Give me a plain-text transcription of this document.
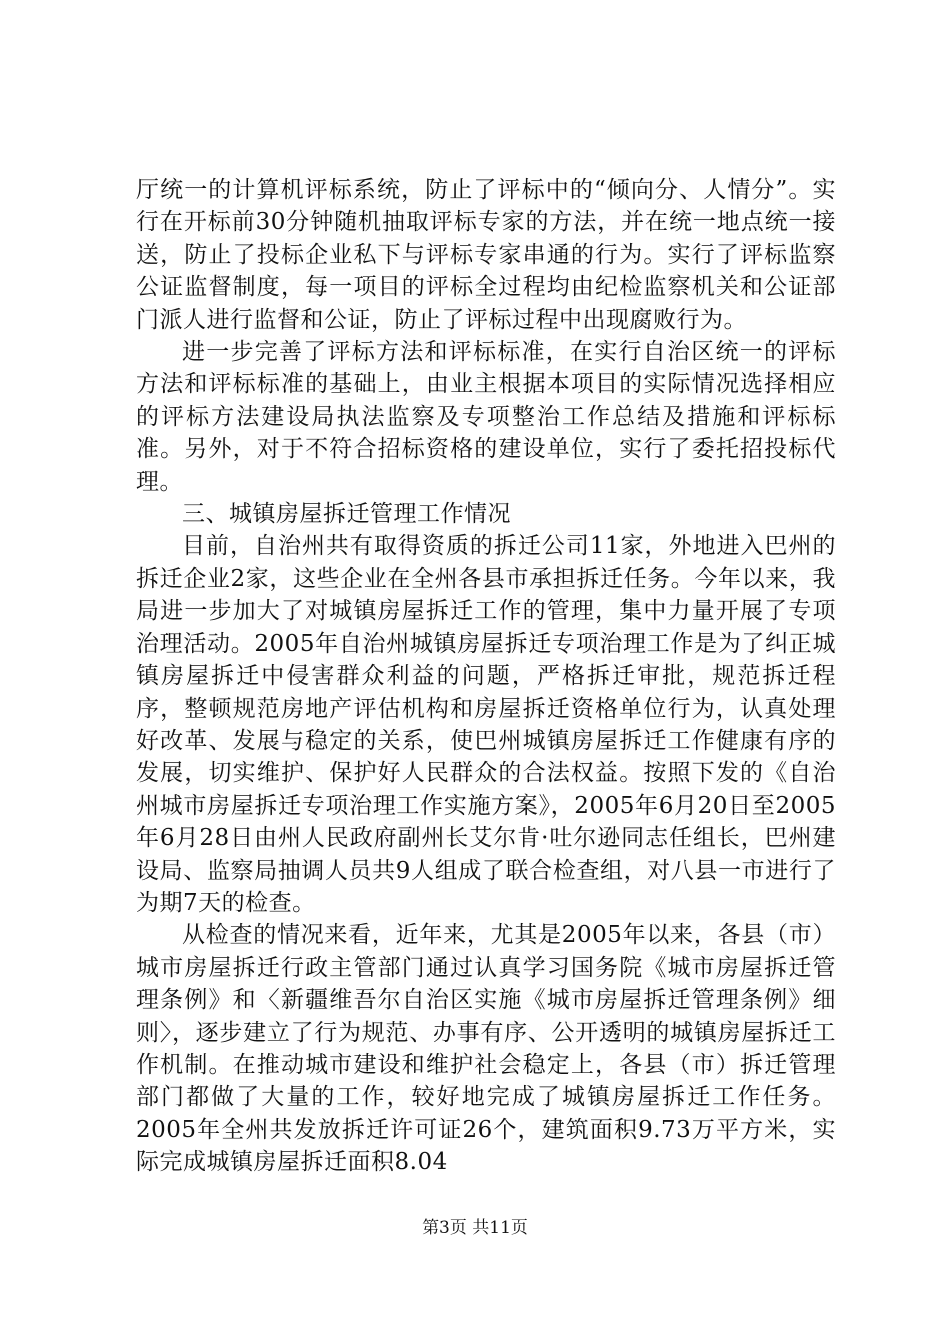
厅统一的计算机评标系统，防止了评标中的“倾向分、人情分”。实行在开标前30分钟随机抽取评标专家的方法，并在统一地点统一接送，防止了投标企业私下与评标专家串通的行为。实行了评标监察公证监督制度，每一项目的评标全过程均由纪检监察机关和公证部门派人进行监督和公证，防止了评标过程中出现腐败行为。

进一步完善了评标方法和评标标准，在实行自治区统一的评标方法和评标标准的基础上，由业主根据本项目的实际情况选择相应的评标方法建设局执法监察及专项整治工作总结及措施和评标标准。另外，对于不符合招标资格的建设单位，实行了委托招投标代理。

三、城镇房屋拆迁管理工作情况

目前，自治州共有取得资质的拆迁公司11家，外地进入巴州的拆迁企业2家，这些企业在全州各县市承担拆迁任务。今年以来，我局进一步加大了对城镇房屋拆迁工作的管理，集中力量开展了专项治理活动。2005年自治州城镇房屋拆迁专项治理工作是为了纠正城镇房屋拆迁中侵害群众利益的问题，严格拆迁审批，规范拆迁程序，整顿规范房地产评估机构和房屋拆迁资格单位行为，认真处理好改革、发展与稳定的关系，使巴州城镇房屋拆迁工作健康有序的发展，切实维护、保护好人民群众的合法权益。按照下发的《自治州城市房屋拆迁专项治理工作实施方案》，2005年6月20日至2005年6月28日由州人民政府副州长艾尔肯·吐尔逊同志任组长，巴州建设局、监察局抽调人员共9人组成了联合检查组，对八县一市进行了为期7天的检查。

从检查的情况来看，近年来，尤其是2005年以来，各县（市）城市房屋拆迁行政主管部门通过认真学习国务院《城市房屋拆迁管理条例》和〈新疆维吾尔自治区实施《城市房屋拆迁管理条例》细则〉，逐步建立了行为规范、办事有序、公开透明的城镇房屋拆迁工作机制。在推动城市建设和维护社会稳定上，各县（市）拆迁管理部门都做了大量的工作，较好地完成了城镇房屋拆迁工作任务。2005年全州共发放拆迁许可证26个，建筑面积9.73万平方米，实际完成城镇房屋拆迁面积8.04

第3页 共11页
